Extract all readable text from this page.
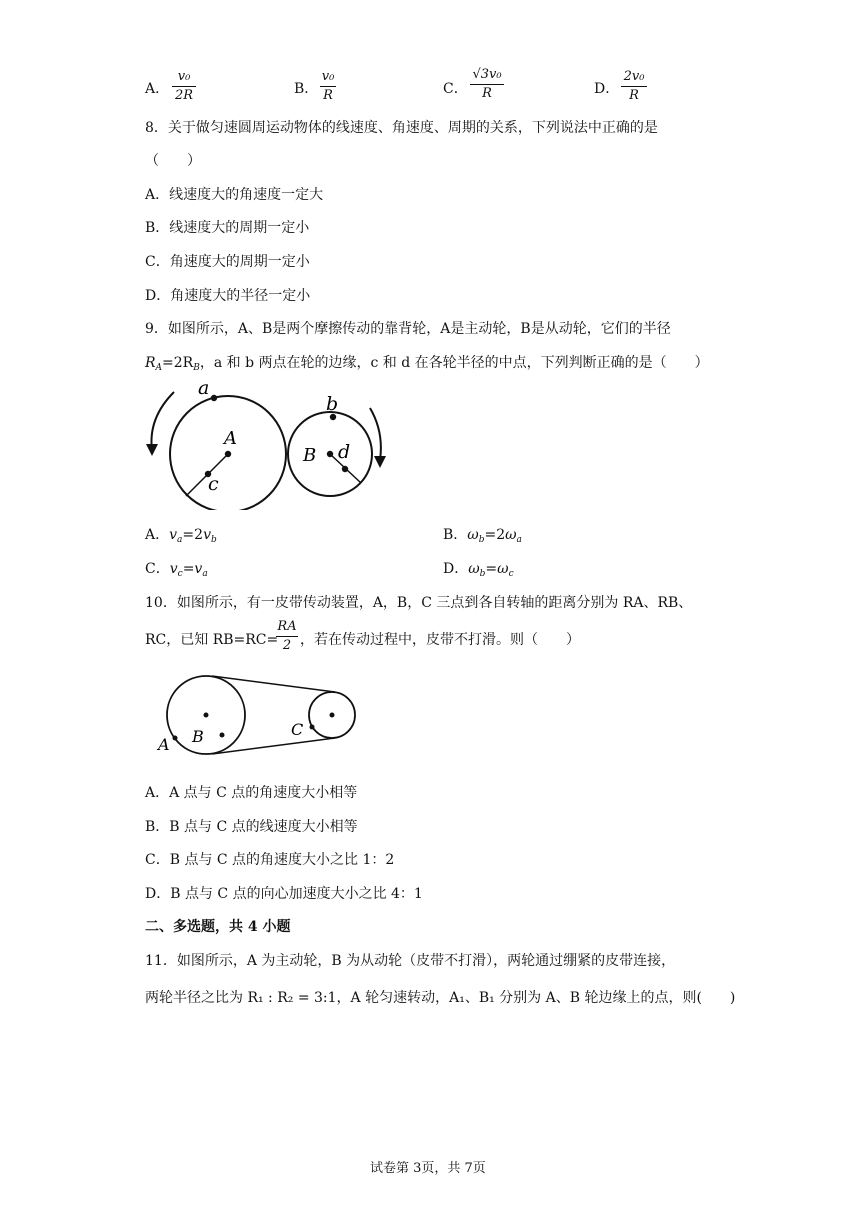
A．
v₀
2R	B．
v₀
R	C．
√3v₀
R	D．
2v₀
R
8．关于做匀速圆周运动物体的线速度、角速度、周期的关系，下列说法中正确的是
（　　）
A．线速度大的角速度一定大
B．线速度大的周期一定小
C．角速度大的周期一定小
D．角速度大的半径一定小
9．如图所示，A、B是两个摩擦传动的靠背轮，A是主动轮，B是从动轮，它们的半径
$R_A=2R_B$，a 和 b 两点在轮的边缘，c 和 d 在各轮半径的中点，下列判断正确的是（　　）
a
A
c
b
B d
A．$v_a=2v_b$	B．$\omega_b=2\omega_a$
C．$v_c=v_a$	D．$\omega_b=\omega_c$
10．如图所示，有一皮带传动装置，A，B，C 三点到各自转轴的距离分别为 RA、RB、
RC，已知 RB=RC=
RA
2 ，若在传动过程中，皮带不打滑。则（　　）
A B	C
A．A 点与 C 点的角速度大小相等
B．B 点与 C 点的线速度大小相等
C．B 点与 C 点的角速度大小之比 1：2
D．B 点与 C 点的向心加速度大小之比 4：1
二、多选题，共 4 小题
11．如图所示，A 为主动轮，B 为从动轮（皮带不打滑），两轮通过绷紧的皮带连接，
两轮半径之比为 R₁ : R₂ = 3:1，A 轮匀速转动，A₁、B₁ 分别为 A、B 轮边缘上的点，则(　　)
试卷第 3页，共 7页
